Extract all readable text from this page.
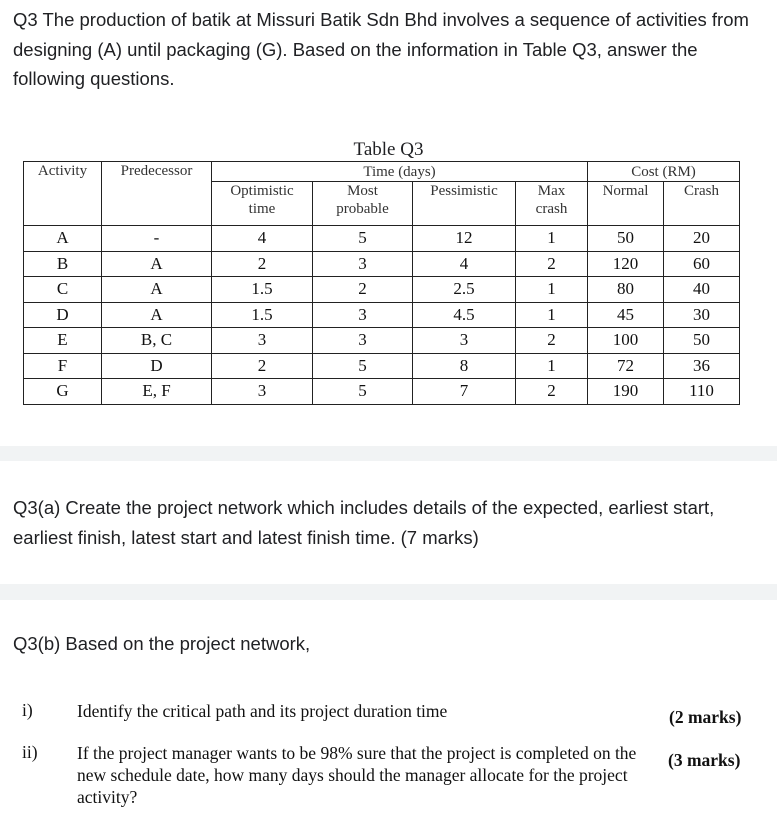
Q3 The production of batik at Missuri Batik Sdn Bhd involves a sequence of activities from designing (A) until packaging (G). Based on the information in Table Q3, answer the following questions.
Table Q3
Activity	Predecessor	Time (days)				Cost (RM)	
		Optimistic time	Most probable	Pessimistic	Max crash	Normal	Crash
A	-	4	5	12	1	50	20
B	A	2	3	4	2	120	60
C	A	1.5	2	2.5	1	80	40
D	A	1.5	3	4.5	1	45	30
E	B, C	3	3	3	2	100	50
F	D	2	5	8	1	72	36
G	E, F	3	5	7	2	190	110
Q3(a) Create the project network which includes details of the expected, earliest start, earliest finish, latest start and latest finish time. (7 marks)
Q3(b) Based on the project network,
i)	Identify the critical path and its project duration time	(2 marks)
ii) If the project manager wants to be 98% sure that the project is completed on the new schedule date, how many days should the manager allocate for the project activity?
(3 marks)
